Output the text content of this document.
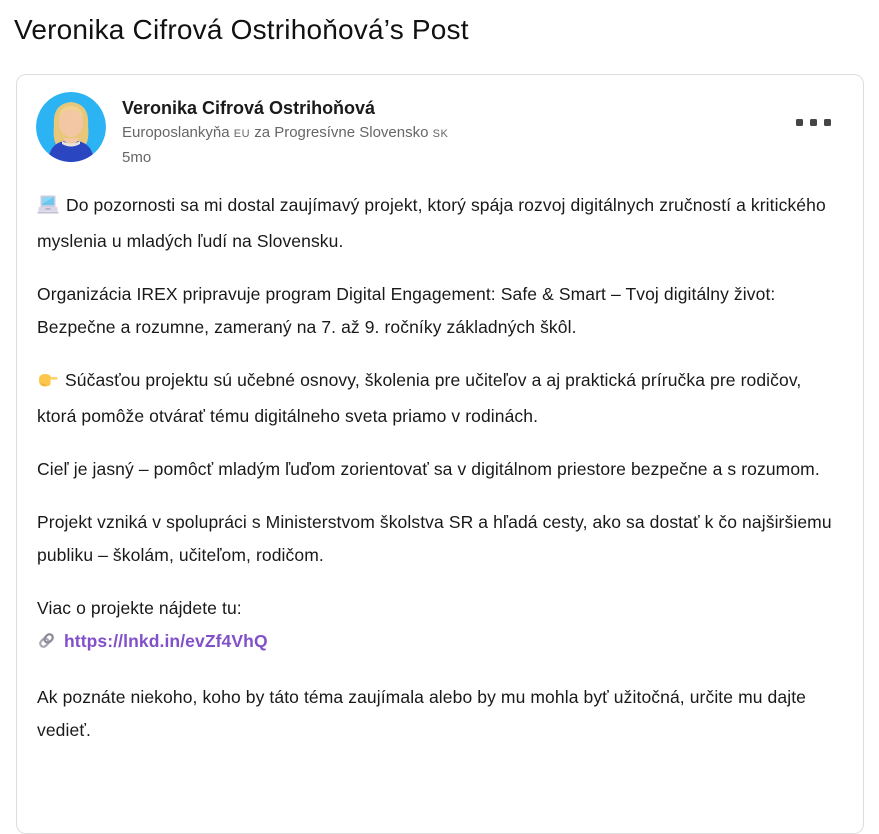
Veronika Cifrová Ostrihoňová’s Post
Veronika Cifrová Ostrihoňová
Europoslankyňa EU za Progresívne Slovensko SK
5mo

Do pozornosti sa mi dostal zaujímavý projekt, ktorý spája rozvoj digitálnych zručností a kritického myslenia u mladých ľudí na Slovensku.

Organizácia IREX pripravuje program Digital Engagement: Safe & Smart – Tvoj digitálny život: Bezpečne a rozumne, zameraný na 7. až 9. ročníky základných škôl.

Súčasťou projektu sú učebné osnovy, školenia pre učiteľov a aj praktická príručka pre rodičov, ktorá pomôže otvárať tému digitálneho sveta priamo v rodinách.

Cieľ je jasný – pomôcť mladým ľuďom zorientovať sa v digitálnom priestore bezpečne a s rozumom.

Projekt vzniká v spolupráci s Ministerstvom školstva SR a hľadá cesty, ako sa dostať k čo najširšiemu publiku – školám, učiteľom, rodičom.

Viac o projekte nájdete tu:
https://lnkd.in/evZf4VhQ

Ak poznáte niekoho, koho by táto téma zaujímala alebo by mu mohla byť užitočná, určite mu dajte vedieť.
